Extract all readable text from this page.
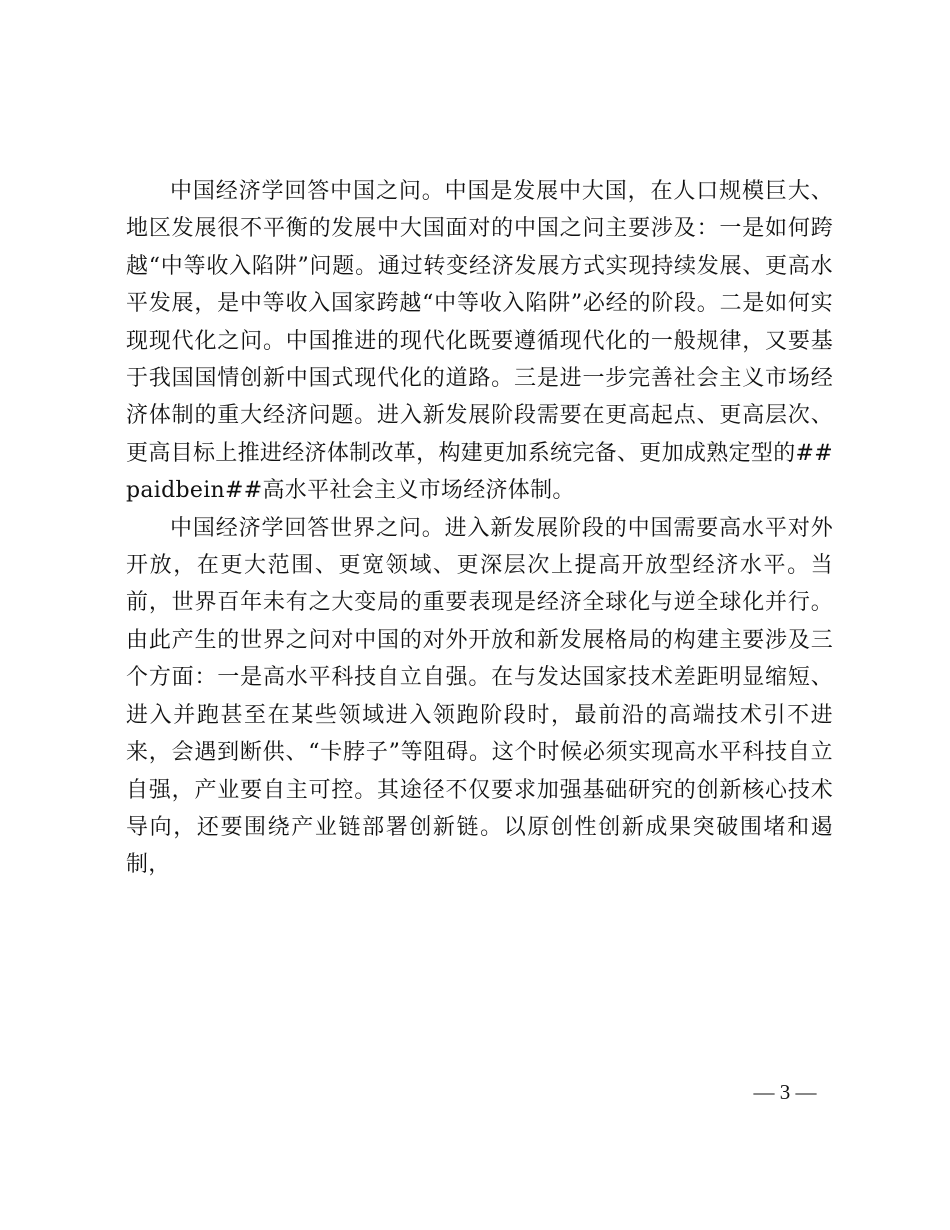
中国经济学回答中国之问。中国是发展中大国，在人口规模巨大、地区发展很不平衡的发展中大国面对的中国之问主要涉及：一是如何跨越“中等收入陷阱”问题。通过转变经济发展方式实现持续发展、更高水平发展，是中等收入国家跨越“中等收入陷阱”必经的阶段。二是如何实现现代化之问。中国推进的现代化既要遵循现代化的一般规律，又要基于我国国情创新中国式现代化的道路。三是进一步完善社会主义市场经济体制的重大经济问题。进入新发展阶段需要在更高起点、更高层次、更高目标上推进经济体制改革，构建更加系统完备、更加成熟定型的##paidbein##高水平社会主义市场经济体制。

中国经济学回答世界之问。进入新发展阶段的中国需要高水平对外开放，在更大范围、更宽领域、更深层次上提高开放型经济水平。当前，世界百年未有之大变局的重要表现是经济全球化与逆全球化并行。由此产生的世界之问对中国的对外开放和新发展格局的构建主要涉及三个方面：一是高水平科技自立自强。在与发达国家技术差距明显缩短、进入并跑甚至在某些领域进入领跑阶段时，最前沿的高端技术引不进来，会遇到断供、“卡脖子”等阻碍。这个时候必须实现高水平科技自立自强，产业要自主可控。其途径不仅要求加强基础研究的创新核心技术导向，还要围绕产业链部署创新链。以原创性创新成果突破围堵和遏制，

— 3 —
